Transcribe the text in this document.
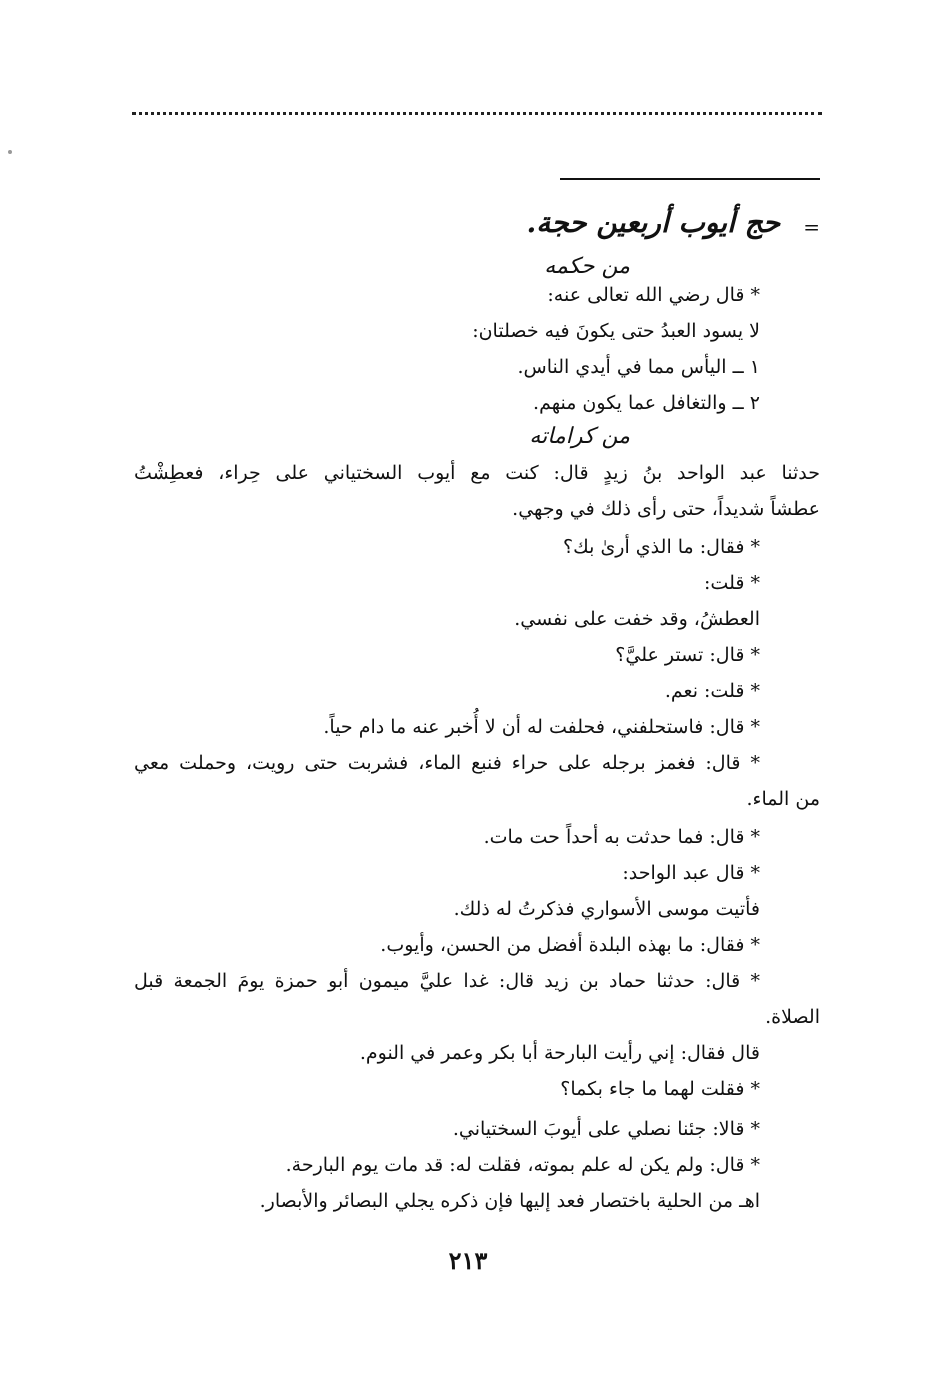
=
حج أيوب أربعين حجة.
من حكمه
* قال رضي الله تعالى عنه:
لا يسود العبدُ حتى يكونَ فيه خصلتان:
١ ــ اليأس مما في أيدي الناس.
٢ ــ والتغافل عما يكون منهم.
من كراماته
حدثنا عبد الواحد بنُ زيدٍ قال: كنت مع أيوب السختياني على حِراء، فعطِشْتُ
عطشاً شديداً، حتى رأى ذلك في وجهي.
* فقال: ما الذي أرىٰ بك؟
* قلت:
العطشُ، وقد خفت على نفسي.
* قال: تستر عليَّ؟
* قلت: نعم.
* قال: فاستحلفني، فحلفت له أن لا أُخبر عنه ما دام حياً.
* قال: فغمز برجله على حراء فنبع الماء، فشربت حتى رويت، وحملت معي
من الماء.
* قال: فما حدثت به أحداً حت مات.
* قال عبد الواحد:
فأتيت موسى الأسواري فذكرتُ له ذلك.
* فقال: ما بهذه البلدة أفضل من الحسن، وأيوب.
* قال: حدثنا حماد بن زيد قال: غدا عليَّ ميمون أبو حمزة يومَ الجمعة قبل
الصلاة.
قال فقال: إني رأيت البارحة أبا بكر وعمر في النوم.
* فقلت لهما ما جاء بكما؟
* قالا: جئنا نصلي على أيوبَ السختياني.
* قال: ولم يكن له علم بموته، فقلت له: قد مات يوم البارحة.
اهـ من الحلية باختصار فعد إليها فإن ذكره يجلي البصائر والأبصار.
٢١٣
